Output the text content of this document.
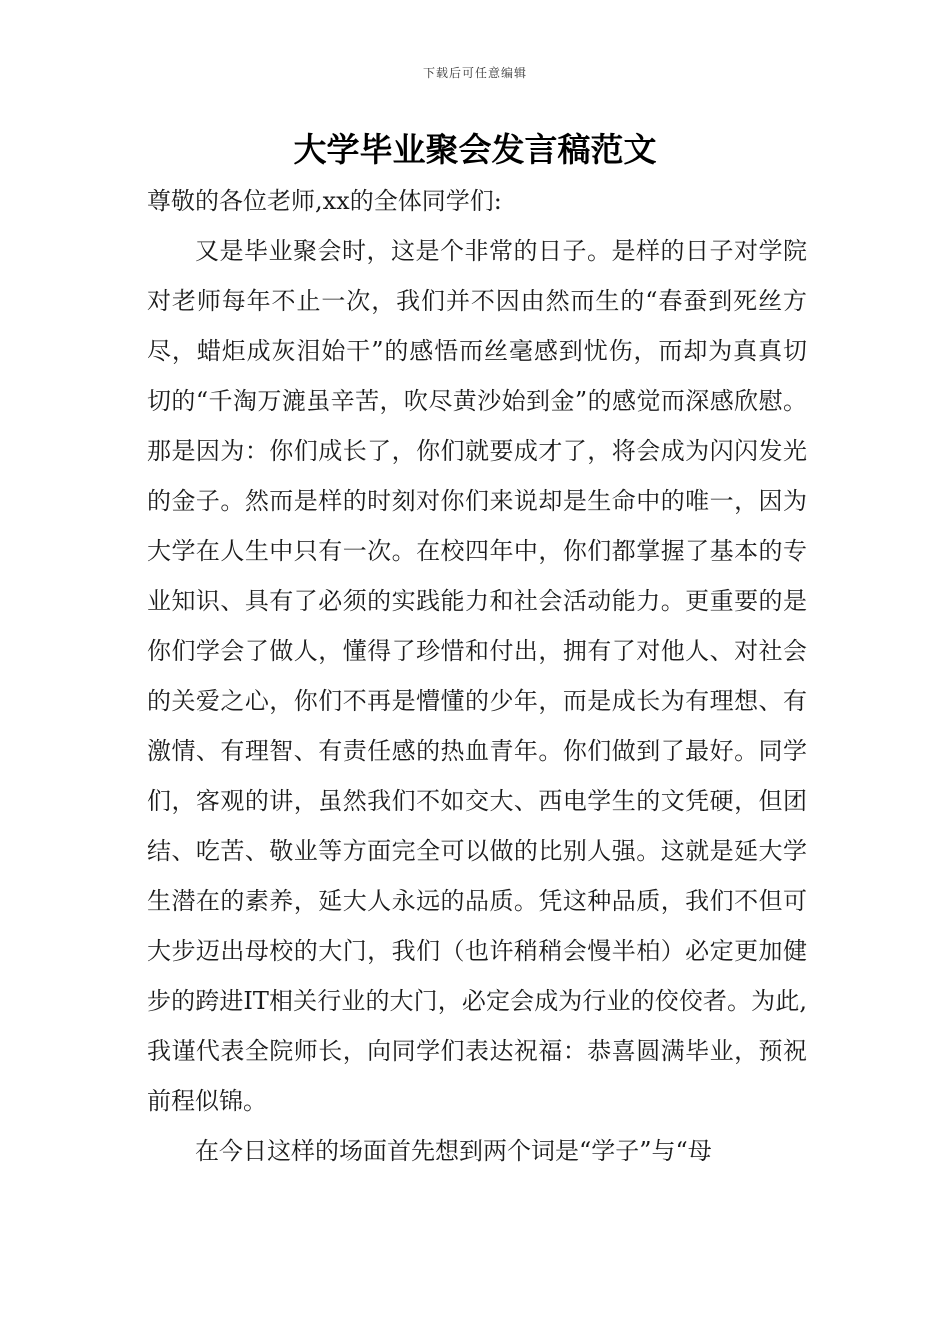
下载后可任意编辑
大学毕业聚会发言稿范文

尊敬的各位老师,xx的全体同学们:

又是毕业聚会时，这是个非常的日子。是样的日子对学院对老师每年不止一次，我们并不因由然而生的“春蚕到死丝方尽，蜡炬成灰泪始干”的感悟而丝毫感到忧伤，而却为真真切切的“千淘万漉虽辛苦，吹尽黄沙始到金”的感觉而深感欣慰。那是因为：你们成长了，你们就要成才了，将会成为闪闪发光的金子。然而是样的时刻对你们来说却是生命中的唯一，因为大学在人生中只有一次。在校四年中，你们都掌握了基本的专业知识、具有了必须的实践能力和社会活动能力。更重要的是你们学会了做人，懂得了珍惜和付出，拥有了对他人、对社会的关爱之心，你们不再是懵懂的少年，而是成长为有理想、有激情、有理智、有责任感的热血青年。你们做到了最好。同学们，客观的讲，虽然我们不如交大、西电学生的文凭硬，但团结、吃苦、敬业等方面完全可以做的比别人强。这就是延大学生潜在的素养，延大人永远的品质。凭这种品质，我们不但可大步迈出母校的大门，我们（也许稍稍会慢半柏）必定更加健步的跨进IT相关行业的大门，必定会成为行业的佼佼者。为此,我谨代表全院师长，向同学们表达祝福：恭喜圆满毕业，预祝前程似锦。

在今日这样的场面首先想到两个词是“学子”与“母
